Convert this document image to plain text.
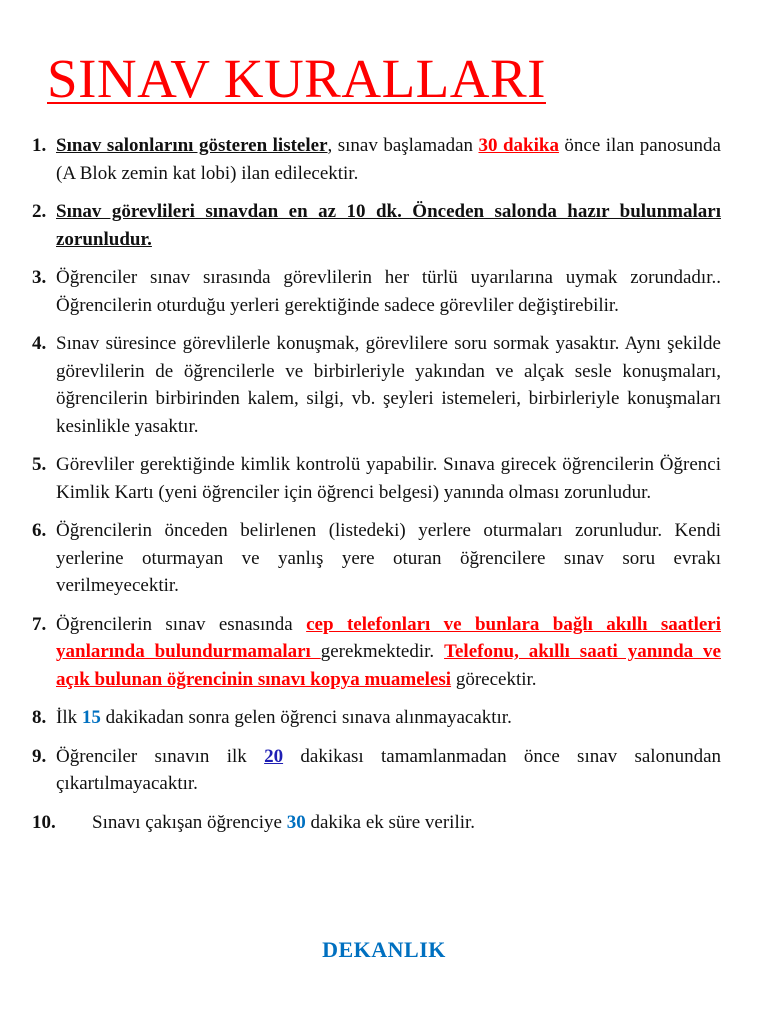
SINAV KURALLARI
1. Sınav salonlarını gösteren listeler, sınav başlamadan 30 dakika önce ilan panosunda (A Blok zemin kat lobi) ilan edilecektir.
2. Sınav görevlileri sınavdan en az 10 dk. Önceden salonda hazır bulunmaları zorunludur.
3. Öğrenciler sınav sırasında görevlilerin her türlü uyarılarına uymak zorundadır.. Öğrencilerin oturduğu yerleri gerektiğinde sadece görevliler değiştirebilir.
4. Sınav süresince görevlilerle konuşmak, görevlilere soru sormak yasaktır. Aynı şekilde görevlilerin de öğrencilerle ve birbirleriyle yakından ve alçak sesle konuşmaları, öğrencilerin birbirinden kalem, silgi, vb. şeyleri istemeleri, birbirleriyle konuşmaları kesinlikle yasaktır.
5. Görevliler gerektiğinde kimlik kontrolü yapabilir. Sınava girecek öğrencilerin Öğrenci Kimlik Kartı (yeni öğrenciler için öğrenci belgesi) yanında olması zorunludur.
6. Öğrencilerin önceden belirlenen (listedeki) yerlere oturmaları zorunludur. Kendi yerlerine oturmayan ve yanlış yere oturan öğrencilere sınav soru evrakı verilmeyecektir.
7. Öğrencilerin sınav esnasında cep telefonları ve bunlara bağlı akıllı saatleri yanlarında bulundurmamaları gerekmektedir. Telefonu, akıllı saati yanında ve açık bulunan öğrencinin sınavı kopya muamelesi görecektir.
8. İlk 15 dakikadan sonra gelen öğrenci sınava alınmayacaktır.
9. Öğrenciler sınavın ilk 20 dakikası tamamlanmadan önce sınav salonundan çıkartılmayacaktır.
10. Sınavı çakışan öğrenciye 30 dakika ek süre verilir.
DEKANLIK
